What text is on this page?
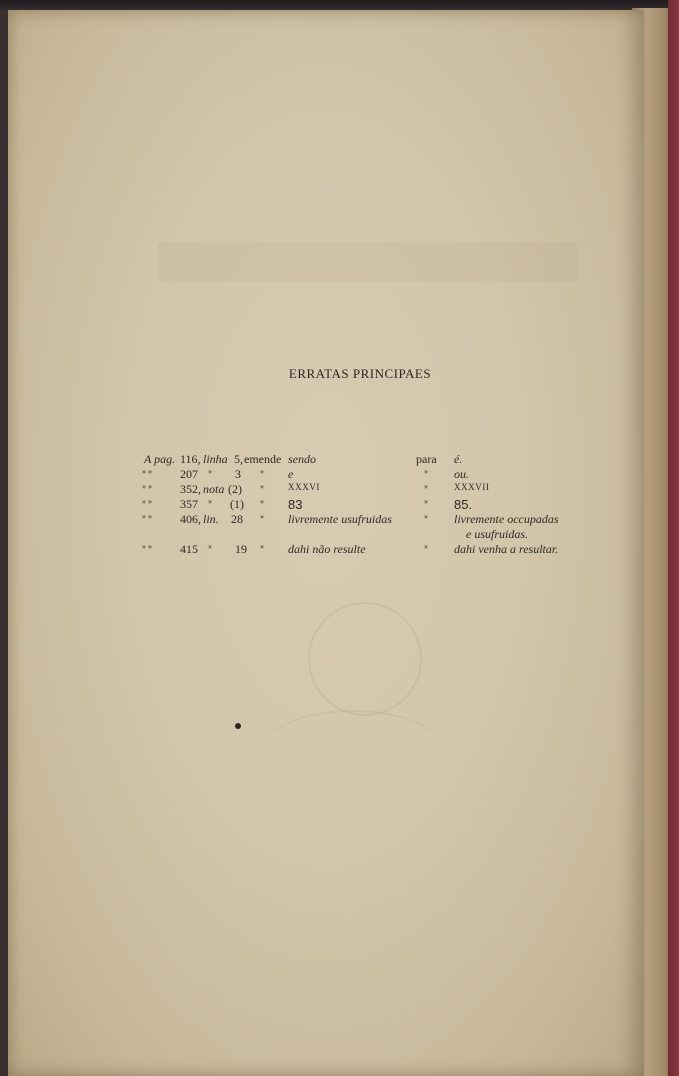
ERRATAS PRINCIPAES
A pag. 116, linha 5, emende sendo	para é.
» » 207 » 3 » e	» ou.
» » 352, nota (2) »	XXXVI	»	XXXVII
» » 357 » (1) » 83	» 85.
» » 406, lin. 28 » livremente usufruidas	» livremente occupadas
e usufruidas.
» » 415 » 19 » dahi não resulte	» dahi venha a resultar.
